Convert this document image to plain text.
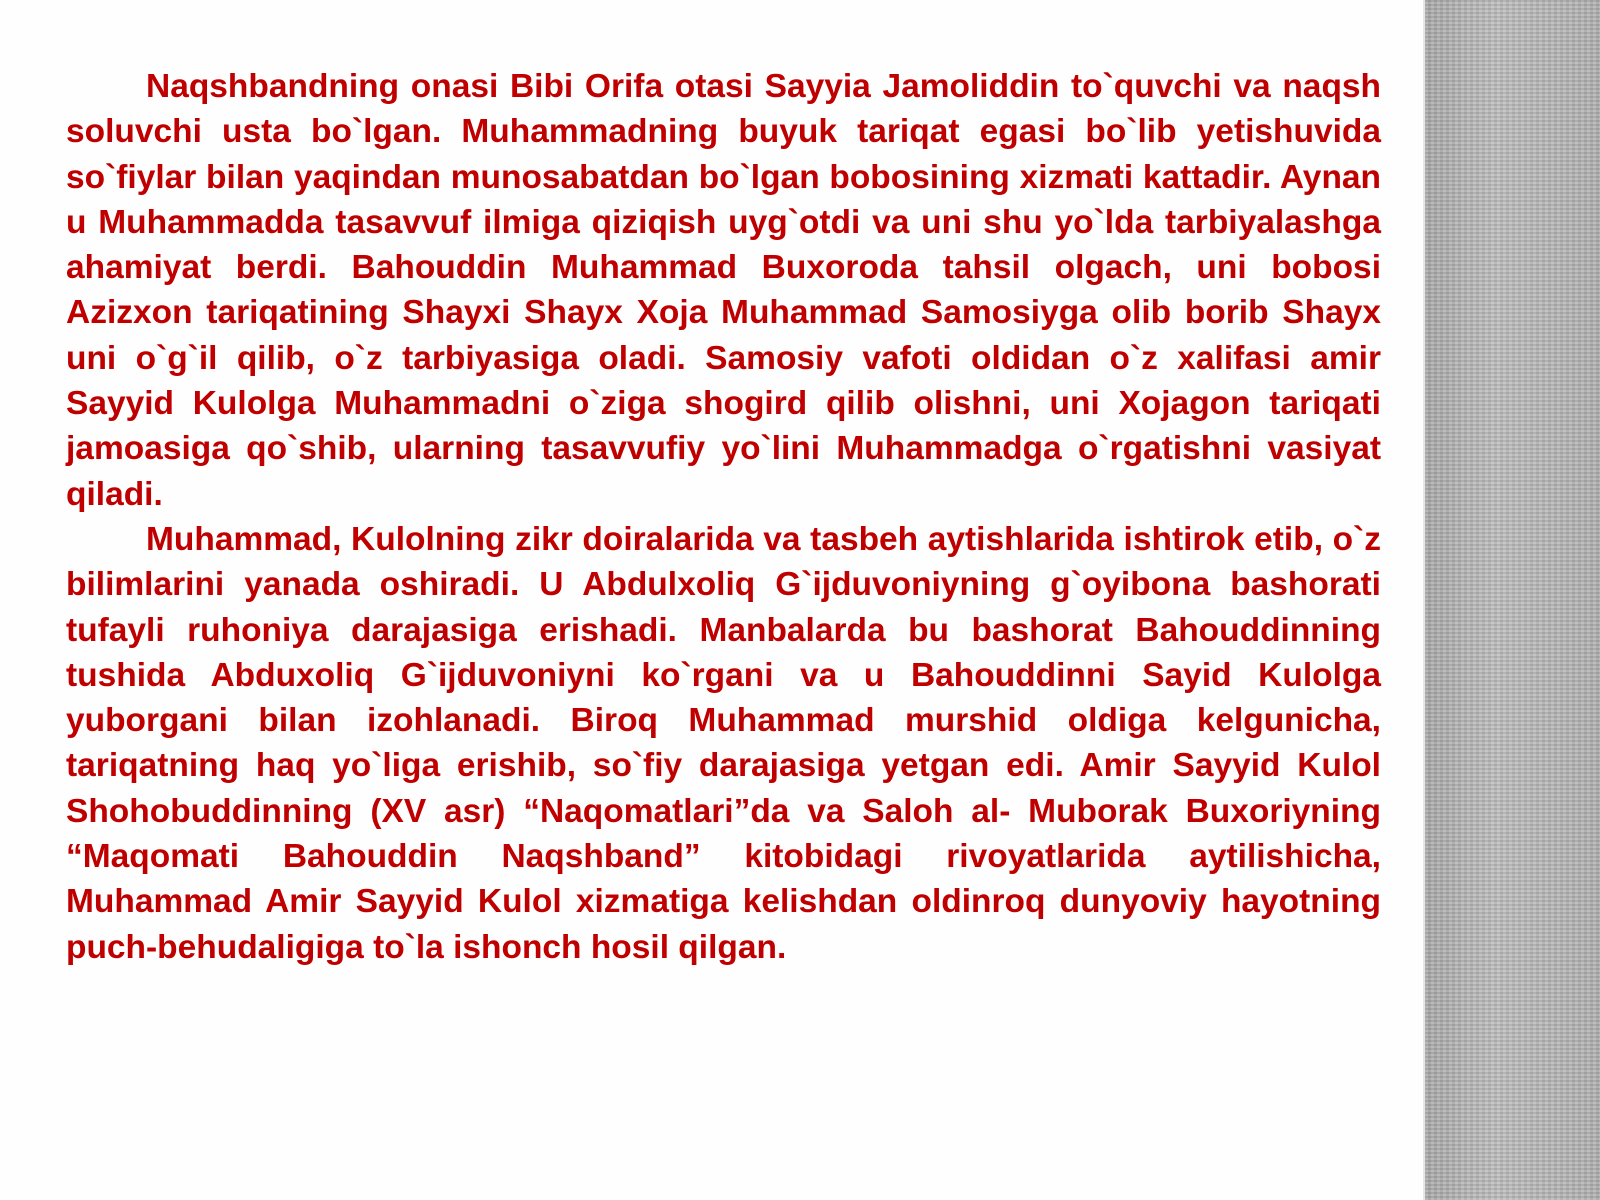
Naqshbandning onasi Bibi Orifa otasi Sayyia Jamoliddin to`quvchi va naqsh soluvchi usta bo`lgan. Muhammadning buyuk tariqat egasi bo`lib yetishuvida so`fiylar bilan yaqindan munosabatdan bo`lgan bobosining xizmati kattadir. Aynan u Muhammadda tasavvuf ilmiga qiziqish uyg`otdi va uni shu yo`lda tarbiyalashga ahamiyat berdi. Bahouddin Muhammad Buxoroda tahsil olgach, uni bobosi Azizxon tariqatining Shayxi Shayx Xoja Muhammad Samosiyga olib borib Shayx uni o`g`il qilib, o`z tarbiyasiga oladi. Samosiy vafoti oldidan o`z xalifasi amir Sayyid Kulolga Muhammadni o`ziga shogird qilib olishni, uni Xojagon tariqati jamoasiga qo`shib, ularning tasavvufiy yo`lini Muhammadga o`rgatishni vasiyat qiladi.

Muhammad, Kulolning zikr doiralarida va tasbeh aytishlarida ishtirok etib, o`z bilimlarini yanada oshiradi. U Abdulxoliq G`ijduvoniyning g`oyibona bashorati tufayli ruhoniya darajasiga erishadi. Manbalarda bu bashorat Bahouddinning tushida Abduxoliq G`ijduvoniyni ko`rgani va u Bahouddinni Sayid Kulolga yuborgani bilan izohlanadi. Biroq Muhammad murshid oldiga kelgunicha, tariqatning haq yo`liga erishib, so`fiy darajasiga yetgan edi. Amir Sayyid Kulol Shohobuddinning (XV asr) “Naqomatlari”da va Saloh al- Muborak Buxoriyning “Maqomati Bahouddin Naqshband” kitobidagi rivoyatlarida aytilishicha, Muhammad Amir Sayyid Kulol xizmatiga kelishdan oldinroq dunyoviy hayotning puch-behudaligiga to`la ishonch hosil qilgan.
